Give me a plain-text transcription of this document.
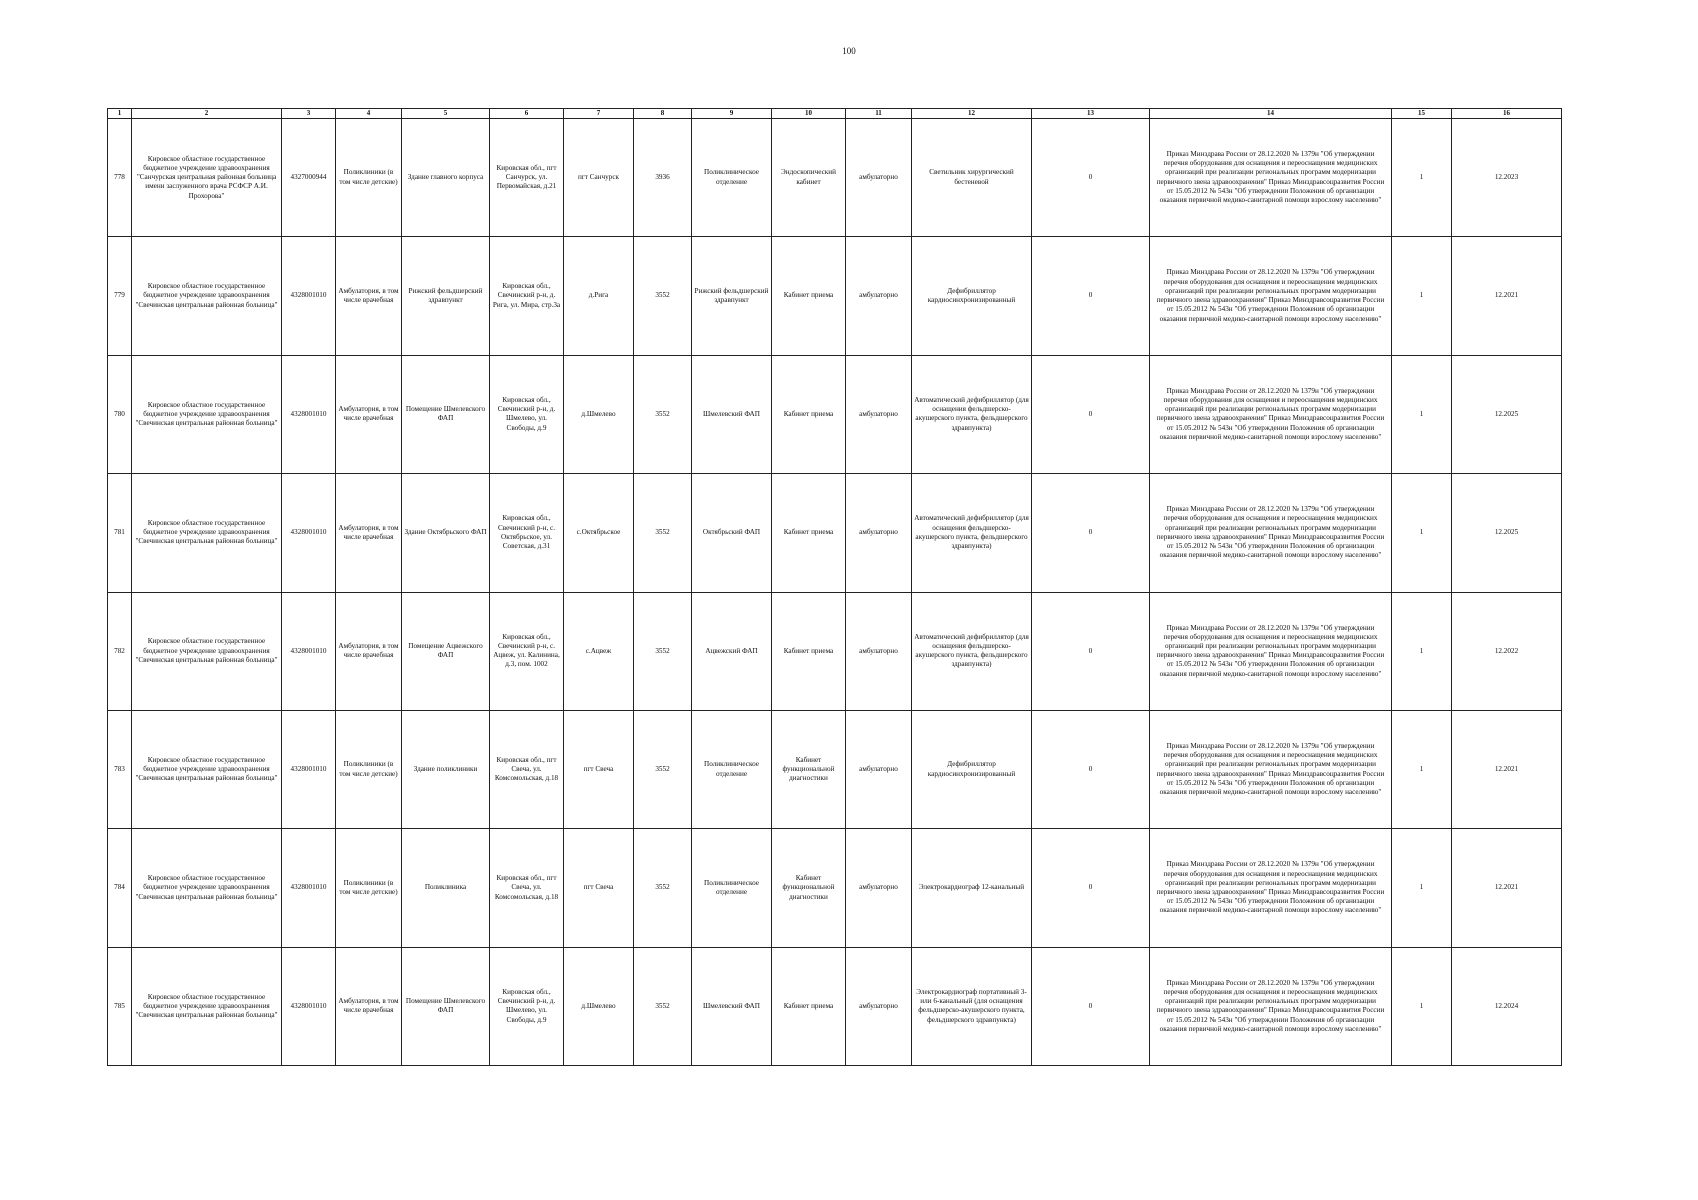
100
1	2	3	4	5	6	7	8	9	10	11	12	13	14	15	16
778	Кировское областное государственное бюджетное учреждение здравоохранения "Санчурская центральная районная больница имени заслуженного врача РСФСР А.И. Прохорова"	4327000944	Поликлиники (в том числе детские)	Здание главного корпуса	Кировская обл., пгт Санчурск, ул. Первомайская, д.21	пгт Санчурск	3936	Поликлиническое отделение	Эндоскопический кабинет	амбулаторно	Светильник хирургический бестеневой	0	Приказ Минздрава России от 28.12.2020 № 1379н "Об утверждении перечня оборудования для оснащения и переоснащения медицинских организаций при реализации региональных программ модернизации первичного звена здравоохранения" Приказ Минздравсоцразвития России от 15.05.2012 № 543н "Об утверждении Положения об организации оказания первичной медико-санитарной помощи взрослому населению"	1	12.2023
779	Кировское областное государственное бюджетное учреждение здравоохранения "Свечинская центральная районная больница"	4328001010	Амбулатория, в том числе врачебная	Рижский фельдшерский здравпункт	Кировская обл., Свечинский р-н, д. Рига, ул. Мира, стр.3а	д.Рига	3552	Рижский фельдшерский здравпункт	Кабинет приема	амбулаторно	Дефибриллятор кардиосинхронизированный	0	Приказ Минздрава России от 28.12.2020 № 1379н "Об утверждении перечня оборудования для оснащения и переоснащения медицинских организаций при реализации региональных программ модернизации первичного звена здравоохранения" Приказ Минздравсоцразвития России от 15.05.2012 № 543н "Об утверждении Положения об организации оказания первичной медико-санитарной помощи взрослому населению"	1	12.2021
780	Кировское областное государственное бюджетное учреждение здравоохранения "Свечинская центральная районная больница"	4328001010	Амбулатория, в том числе врачебная	Помещение Шмелевского ФАП	Кировская обл., Свечинский р-н, д. Шмелево, ул. Свободы, д.9	д.Шмелево	3552	Шмелевский ФАП	Кабинет приема	амбулаторно	Автоматический дефибриллятор (для оснащения фельдшерско-акушерского пункта, фельдшерского здравпункта)	0	Приказ Минздрава России от 28.12.2020 № 1379н "Об утверждении перечня оборудования для оснащения и переоснащения медицинских организаций при реализации региональных программ модернизации первичного звена здравоохранения" Приказ Минздравсоцразвития России от 15.05.2012 № 543н "Об утверждении Положения об организации оказания первичной медико-санитарной помощи взрослому населению"	1	12.2025
781	Кировское областное государственное бюджетное учреждение здравоохранения "Свечинская центральная районная больница"	4328001010	Амбулатория, в том числе врачебная	Здание Октябрьского ФАП	Кировская обл., Свечинский р-н, с. Октябрьское, ул. Советская, д.31	с.Октябрьское	3552	Октябрьский ФАП	Кабинет приема	амбулаторно	Автоматический дефибриллятор (для оснащения фельдшерско-акушерского пункта, фельдшерского здравпункта)	0	Приказ Минздрава России от 28.12.2020 № 1379н "Об утверждении перечня оборудования для оснащения и переоснащения медицинских организаций при реализации региональных программ модернизации первичного звена здравоохранения" Приказ Минздравсоцразвития России от 15.05.2012 № 543н "Об утверждении Положения об организации оказания первичной медико-санитарной помощи взрослому населению"	1	12.2025
782	Кировское областное государственное бюджетное учреждение здравоохранения "Свечинская центральная районная больница"	4328001010	Амбулатория, в том числе врачебная	Помещение Ацвежского ФАП	Кировская обл., Свечинский р-н, с. Ацвеж, ул. Калинина, д.3, пом. 1002	с.Ацвеж	3552	Ацвежский ФАП	Кабинет приема	амбулаторно	Автоматический дефибриллятор (для оснащения фельдшерско-акушерского пункта, фельдшерского здравпункта)	0	Приказ Минздрава России от 28.12.2020 № 1379н "Об утверждении перечня оборудования для оснащения и переоснащения медицинских организаций при реализации региональных программ модернизации первичного звена здравоохранения" Приказ Минздравсоцразвития России от 15.05.2012 № 543н "Об утверждении Положения об организации оказания первичной медико-санитарной помощи взрослому населению"	1	12.2022
783	Кировское областное государственное бюджетное учреждение здравоохранения "Свечинская центральная районная больница"	4328001010	Поликлиники (в том числе детские)	Здание поликлиники	Кировская обл., пгт Свеча, ул. Комсомольская, д.18	пгт Свеча	3552	Поликлиническое отделение	Кабинет функциональной диагностики	амбулаторно	Дефибриллятор кардиосинхронизированный	0	Приказ Минздрава России от 28.12.2020 № 1379н "Об утверждении перечня оборудования для оснащения и переоснащения медицинских организаций при реализации региональных программ модернизации первичного звена здравоохранения" Приказ Минздравсоцразвития России от 15.05.2012 № 543н "Об утверждении Положения об организации оказания первичной медико-санитарной помощи взрослому населению"	1	12.2021
784	Кировское областное государственное бюджетное учреждение здравоохранения "Свечинская центральная районная больница"	4328001010	Поликлиники (в том числе детские)	Поликлиника	Кировская обл., пгт Свеча, ул. Комсомольская, д.18	пгт Свеча	3552	Поликлиническое отделение	Кабинет функциональной диагностики	амбулаторно	Электрокардиограф 12-канальный	0	Приказ Минздрава России от 28.12.2020 № 1379н "Об утверждении перечня оборудования для оснащения и переоснащения медицинских организаций при реализации региональных программ модернизации первичного звена здравоохранения" Приказ Минздравсоцразвития России от 15.05.2012 № 543н "Об утверждении Положения об организации оказания первичной медико-санитарной помощи взрослому населению"	1	12.2021
785	Кировское областное государственное бюджетное учреждение здравоохранения "Свечинская центральная районная больница"	4328001010	Амбулатория, в том числе врачебная	Помещение Шмелевского ФАП	Кировская обл., Свечинский р-н, д. Шмелево, ул. Свободы, д.9	д.Шмелево	3552	Шмелевский ФАП	Кабинет приема	амбулаторно	Электрокардиограф портативный 3- или 6-канальный (для оснащения фельдшерско-акушерского пункта, фельдшерского здравпункта)	0	Приказ Минздрава России от 28.12.2020 № 1379н "Об утверждении перечня оборудования для оснащения и переоснащения медицинских организаций при реализации региональных программ модернизации первичного звена здравоохранения" Приказ Минздравсоцразвития России от 15.05.2012 № 543н "Об утверждении Положения об организации оказания первичной медико-санитарной помощи взрослому населению"	1	12.2024
